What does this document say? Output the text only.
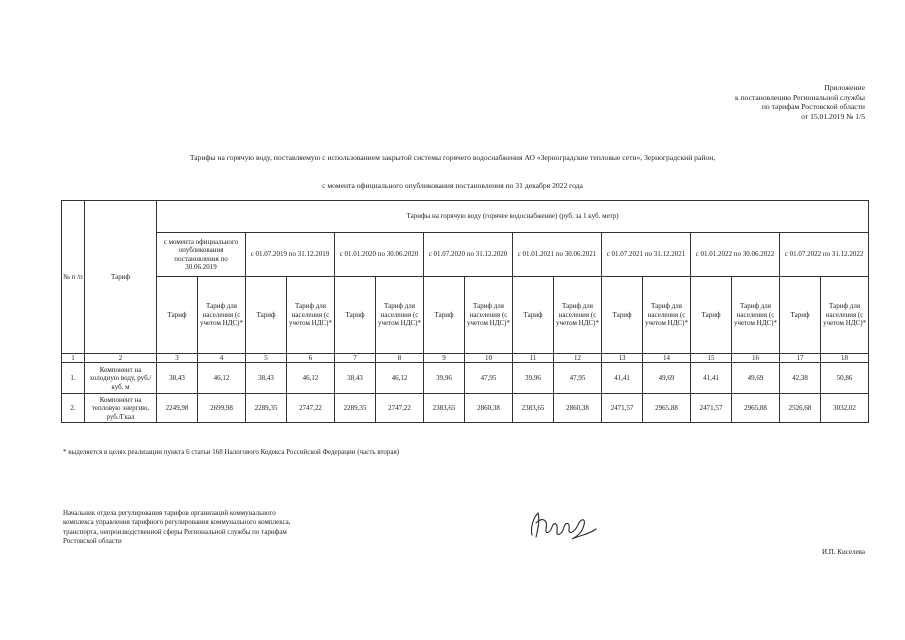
Приложение
к постановлению Региональной службы
по тарифам Ростовской области
от 15.01.2019 № 1/5
Тарифы на горячую воду, поставляемую с использованием закрытой системы горячего водоснабжения АО «Зерноградские тепловые сети», Зерноградский район,
с момента официального опубликования постановления по 31 декабря 2022 года
№ п /п	Тариф	Тарифы на горячую воду (горячее водоснабжение) (руб. за 1 куб. метр)															
		с момента официального опубликования постановления по 30.06.2019		с 01.07.2019 по 31.12.2019		с 01.01.2020 по 30.06.2020		с 01.07.2020 по 31.12.2020		с 01.01.2021 по 30.06.2021		с 01.07.2021 по 31.12.2021		с 01.01.2022 по 30.06.2022		с 01.07.2022 по 31.12.2022	
		Тариф	Тариф для населения (с учетом НДС)*	Тариф	Тариф для населения (с учетом НДС)*	Тариф	Тариф для населения (с учетом НДС)*	Тариф	Тариф для населения (с учетом НДС)*	Тариф	Тариф для населения (с учетом НДС)*	Тариф	Тариф для населения (с учетом НДС)*	Тариф	Тариф для населения (с учетом НДС)*	Тариф	Тариф для населения (с учетом НДС)*
1	2	3	4	5	6	7	8	9	10	11	12	13	14	15	16	17	18
1.	Компонент на холодную воду, руб./куб. м	38,43	46,12	38,43	46,12	38,43	46,12	39,96	47,95	39,96	47,95	41,41	49,69	41,41	49,69	42,38	50,86
2.	Компонент на тепловую энергию, руб./Гкал	2249,98	2699,98	2289,35	2747,22	2289,35	2747,22	2383,65	2860,38	2383,65	2860,38	2471,57	2965,88	2471,57	2965,88	2526,68	3032,02
* выделяется в целях реализации пункта 6 статьи 168 Налогового Кодекса Российской Федерации (часть вторая)
Начальник отдела регулирования тарифов организаций коммунального
комплекса управления тарифного регулирования коммунального комплекса,
транспорта, непроизводственной сферы Региональной службы по тарифам
Ростовской области
И.П. Киселева
